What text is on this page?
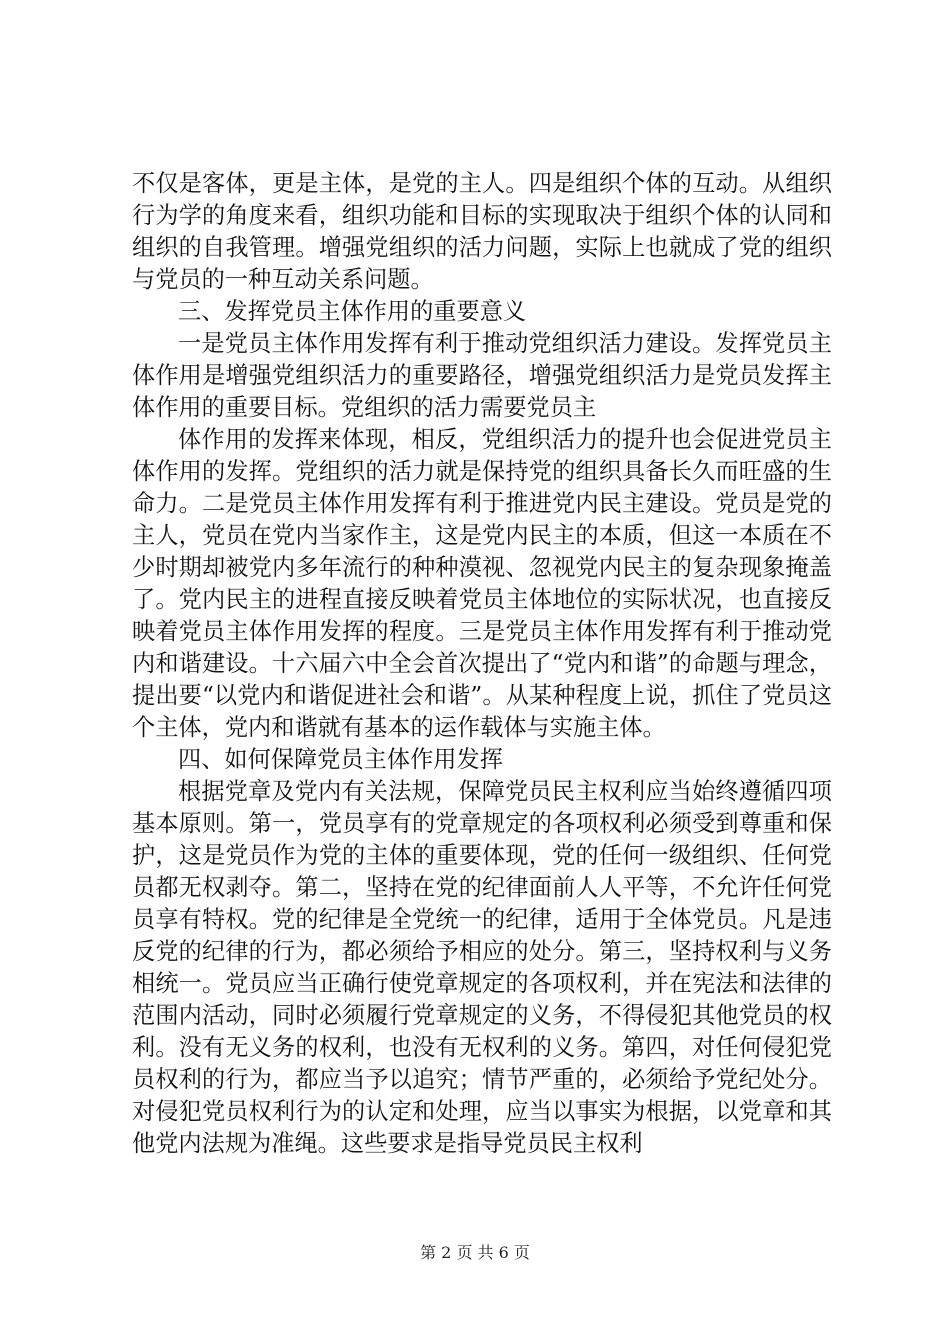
不仅是客体，更是主体，是党的主人。四是组织个体的互动。从组织行为学的角度来看，组织功能和目标的实现取决于组织个体的认同和组织的自我管理。增强党组织的活力问题，实际上也就成了党的组织与党员的一种互动关系问题。

三、发挥党员主体作用的重要意义

一是党员主体作用发挥有利于推动党组织活力建设。发挥党员主体作用是增强党组织活力的重要路径，增强党组织活力是党员发挥主体作用的重要目标。党组织的活力需要党员主

体作用的发挥来体现，相反，党组织活力的提升也会促进党员主体作用的发挥。党组织的活力就是保持党的组织具备长久而旺盛的生命力。二是党员主体作用发挥有利于推进党内民主建设。党员是党的主人，党员在党内当家作主，这是党内民主的本质，但这一本质在不少时期却被党内多年流行的种种漠视、忽视党内民主的复杂现象掩盖了。党内民主的进程直接反映着党员主体地位的实际状况，也直接反映着党员主体作用发挥的程度。三是党员主体作用发挥有利于推动党内和谐建设。十六届六中全会首次提出了“党内和谐”的命题与理念，提出要“以党内和谐促进社会和谐”。从某种程度上说，抓住了党员这个主体，党内和谐就有基本的运作载体与实施主体。

四、如何保障党员主体作用发挥

根据党章及党内有关法规，保障党员民主权利应当始终遵循四项基本原则。第一，党员享有的党章规定的各项权利必须受到尊重和保护，这是党员作为党的主体的重要体现，党的任何一级组织、任何党员都无权剥夺。第二，坚持在党的纪律面前人人平等，不允许任何党员享有特权。党的纪律是全党统一的纪律，适用于全体党员。凡是违反党的纪律的行为，都必须给予相应的处分。第三，坚持权利与义务相统一。党员应当正确行使党章规定的各项权利，并在宪法和法律的范围内活动，同时必须履行党章规定的义务，不得侵犯其他党员的权利。没有无义务的权利，也没有无权利的义务。第四，对任何侵犯党员权利的行为，都应当予以追究；情节严重的，必须给予党纪处分。对侵犯党员权利行为的认定和处理，应当以事实为根据，以党章和其他党内法规为准绳。这些要求是指导党员民主权利

第 2 页 共 6 页
